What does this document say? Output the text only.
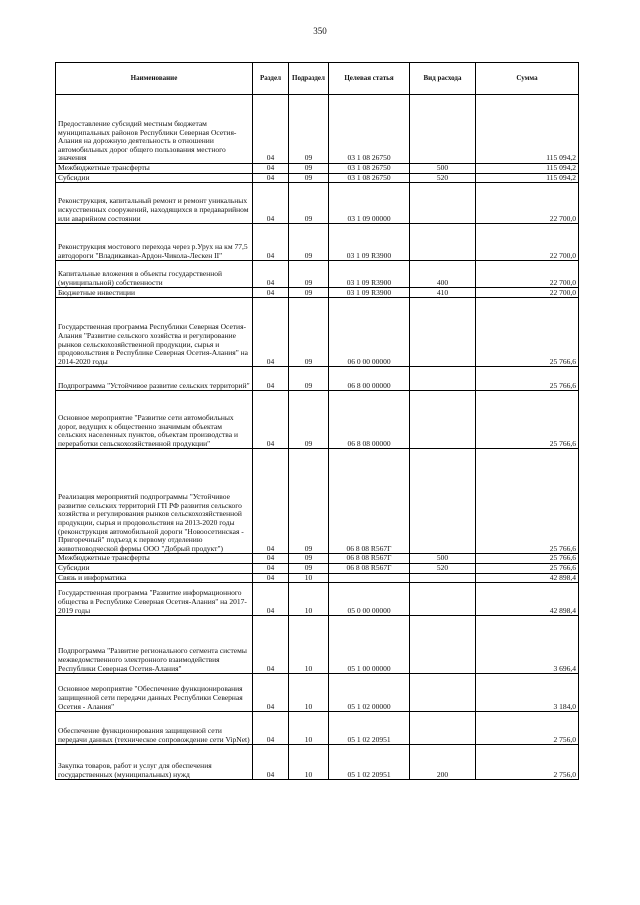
350
Наименование	Раздел	Подраздел	Целевая статья	Вид расхода	Сумма
Предоставление субсидий местным бюджетам муниципальных районов Республики Северная Осетия-Алания на дорожную деятельность в отношении автомобильных дорог общего пользования местного значения	04	09	03 1 08 26750		115 094,2
Межбюджетные трансферты	04	09	03 1 08 26750	500	115 094,2
Субсидии	04	09	03 1 08 26750	520	115 094,2
Реконструкция, капитальный ремонт и ремонт уникальных искусственных сооружений, находящихся в предаварийном или аварийном состоянии	04	09	03 1 09 00000		22 700,0
Реконструкция мостового перехода через р.Урух на км 77,5 автодороги "Владикавказ-Ардон-Чикола-Лескен II"	04	09	03 1 09 R3900		22 700,0
Капитальные вложения в объекты государственной (муниципальной) собственности	04	09	03 1 09 R3900	400	22 700,0
Бюджетные инвестиции	04	09	03 1 09 R3900	410	22 700,0
Государственная программа Республики Северная Осетия-Алания "Развитие сельского хозяйства и регулирование рынков сельскохозяйственной продукции, сырья и продовольствия в Республике Северная Осетия-Алания" на 2014-2020 годы	04	09	06 0 00 00000		25 766,6
Подпрограмма "Устойчивое развитие сельских территорий"	04	09	06 8 00 00000		25 766,6
Основное мероприятие "Развитие сети автомобильных дорог, ведущих к общественно значимым объектам сельских населенных пунктов, объектам производства и переработки сельскохозяйственной продукции"	04	09	06 8 08 00000		25 766,6
Реализация мероприятий подпрограммы "Устойчивое развитие сельских территорий ГП РФ развития сельского хозяйства и регулирования рынков сельскохозяйственной продукции, сырья и продовольствия на 2013-2020 годы (реконструкция автомобильной дороги "Новоосетинская - Пригоречный" подъезд к первому отделению животноводческой фермы ООО "Добрый продукт")	04	09	06 8 08 R567Г		25 766,6
Межбюджетные трансферты	04	09	06 8 08 R567Г	500	25 766,6
Субсидии	04	09	06 8 08 R567Г	520	25 766,6
Связь и информатика	04	10			42 898,4
Государственная программа "Развитие информационного общества в Республике Северная Осетия-Алания" на 2017-2019 годы	04	10	05 0 00 00000		42 898,4
Подпрограмма "Развитие регионального сегмента системы межведомственного электронного взаимодействия Республики Северная Осетия-Алания"	04	10	05 1 00 00000		3 696,4
Основное мероприятие "Обеспечение функционирования защищенной сети передачи данных Республики Северная Осетия - Алания"	04	10	05 1 02 00000		3 184,0
Обеспечение функционирования защищенной сети передачи данных (техническое сопровождение сети VipNet)	04	10	05 1 02 20951		2 756,0
Закупка товаров, работ и услуг для обеспечения государственных (муниципальных) нужд	04	10	05 1 02 20951	200	2 756,0
